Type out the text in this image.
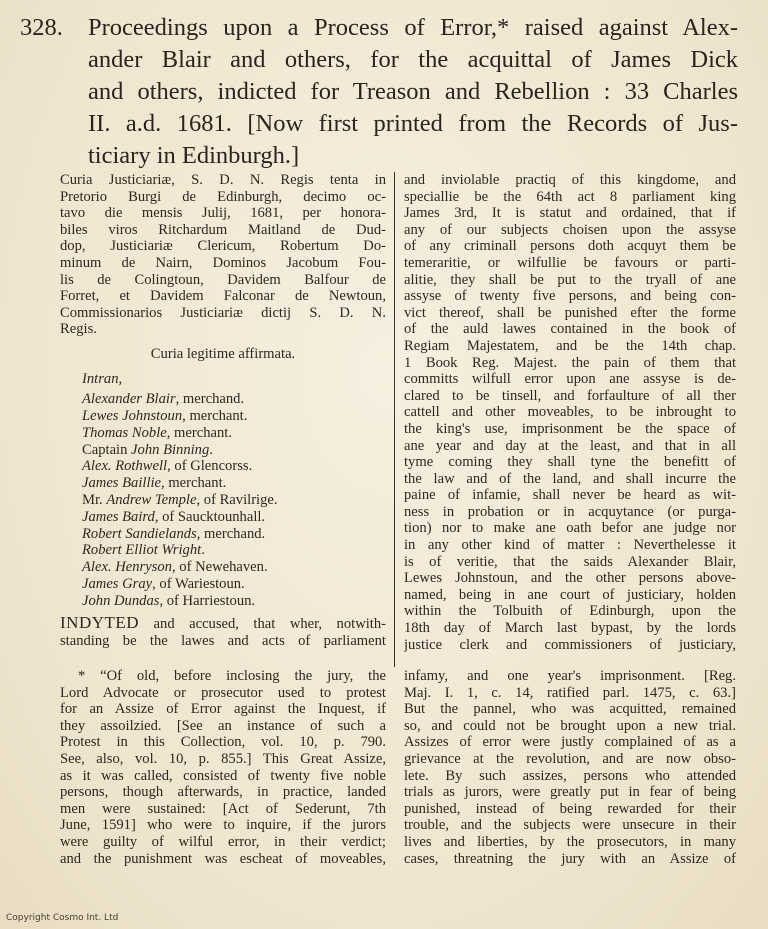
328. Proceedings upon a Process of Error,* raised against Alex-
ander Blair and others, for the acquittal of James Dick
and others, indicted for Treason and Rebellion : 33 Charles
II. a.d. 1681. [Now first printed from the Records of Jus-
ticiary in Edinburgh.]

Curia Justiciariæ, S. D. N. Regis tenta in
Pretorio Burgi de Edinburgh, decimo oc-
tavo die mensis Julij, 1681, per honora-
biles viros Ritchardum Maitland de Dud-
dop, Justiciariæ Clericum, Robertum Do-
minum de Nairn, Dominos Jacobum Fou-
lis de Colingtoun, Davidem Balfour de
Forret, et Davidem Falconar de Newtoun,
Commissionarios Justiciariæ dictij S. D. N.
Regis.
Curia legitime affirmata.
Intran,
Alexander Blair, merchand.
Lewes Johnstoun, merchant.
Thomas Noble, merchant.
Captain John Binning.
Alex. Rothwell, of Glencorss.
James Baillie, merchant.
Mr. Andrew Temple, of Ravilrige.
James Baird, of Saucktounhall.
Robert Sandielands, merchand.
Robert Elliot Wright.
Alex. Henryson, of Newehaven.
James Gray, of Wariestoun.
John Dundas, of Harriestoun.
INDYTED and accused, that wher, notwith-
standing be the lawes and acts of parliament
and inviolable practiq of this kingdome, and
speciallie be the 64th act 8 parliament king
James 3rd, It is statut and ordained, that if
any of our subjects choisen upon the assyse
of any criminall persons doth acquyt them be
temeraritie, or wilfullie be favours or parti-
alitie, they shall be put to the tryall of ane
assyse of twenty five persons, and being con-
vict thereof, shall be punished efter the forme
of the auld lawes contained in the book of
Regiam Majestatem, and be the 14th chap.
1 Book Reg. Majest. the pain of them that
committs wilfull error upon ane assyse is de-
clared to be tinsell, and forfaulture of all ther
cattell and other moveables, to be inbrought to
the king's use, imprisonment be the space of
ane year and day at the least, and that in all
tyme coming they shall tyne the benefitt of
the law and of the land, and shall incurre the
paine of infamie, shall never be heard as wit-
ness in probation or in acquytance (or purga-
tion) nor to make ane oath befor ane judge nor
in any other kind of matter : Neverthelesse it
is of veritie, that the saids Alexander Blair,
Lewes Johnstoun, and the other persons above-
named, being in ane court of justiciary, holden
within the Tolbuith of Edinburgh, upon the
18th day of March last bypast, by the lords
justice clerk and commissioners of justiciary,
* “Of old, before inclosing the jury, the
Lord Advocate or prosecutor used to protest
for an Assize of Error against the Inquest, if
they assoilzied. [See an instance of such a
Protest in this Collection, vol. 10, p. 790.
See, also, vol. 10, p. 855.] This Great Assize,
as it was called, consisted of twenty five noble
persons, though afterwards, in practice, landed
men were sustained: [Act of Sederunt, 7th
June, 1591] who were to inquire, if the jurors
were guilty of wilful error, in their verdict;
and the punishment was escheat of moveables,
infamy, and one year's imprisonment. [Reg.
Maj. I. 1, c. 14, ratified parl. 1475, c. 63.]
But the pannel, who was acquitted, remained
so, and could not be brought upon a new trial.
Assizes of error were justly complained of as a
grievance at the revolution, and are now obso-
lete. By such assizes, persons who attended
trials as jurors, were greatly put in fear of being
punished, instead of being rewarded for their
trouble, and the subjects were unsecure in their
lives and liberties, by the prosecutors, in many
cases, threatning the jury with an Assize of
Copyright Cosmo Int. Ltd
